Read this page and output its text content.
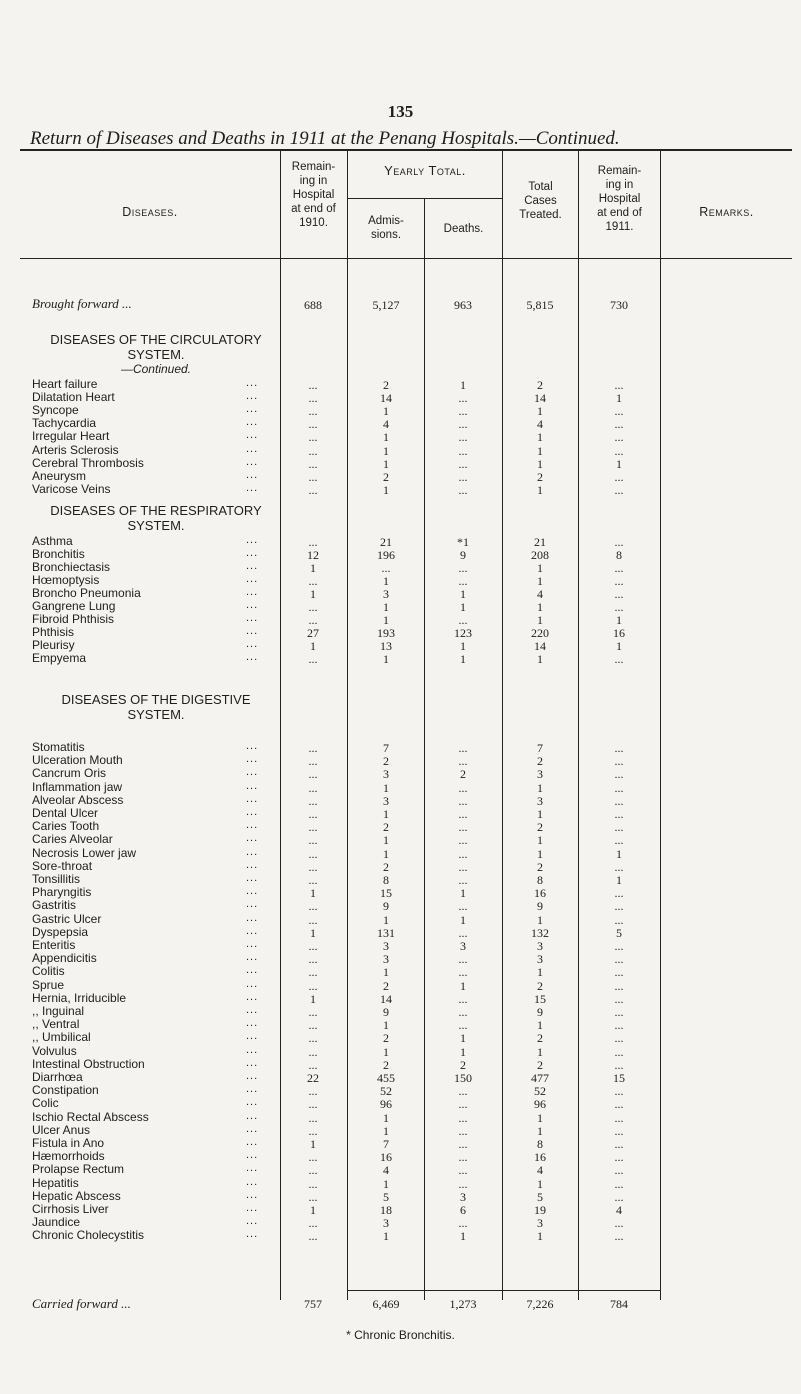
135
Return of Diseases and Deaths in 1911 at the Penang Hospitals.—Continued.
Diseases.
Remain-
ing in
Hospital
at end of
1910.
Yearly Total.
Admis-
sions.	Deaths.
Total
Cases
Treated.
Remain-
ing in
Hospital
at end of
1911.
Remarks.
Brought forward ...	688	5,127	963	5,815	730
DISEASES OF THE CIRCULATORY SYSTEM.
—Continued.
Heart failure	...	...	2	1	2	...
Dilatation Heart	...	...	14	...	14	1
Syncope	...	...	1	...	1	...
Tachycardia	...	...	4	...	4	...
Irregular Heart	...	...	1	...	1	...
Arteris Sclerosis	...	...	1	...	1	...
Cerebral Thrombosis	...	...	1	...	1	1
Aneurysm	...	...	2	...	2	...
Varicose Veins	...	...	1	...	1	...
DISEASES OF THE RESPIRATORY SYSTEM.
Asthma	...	...	21	*1	21	...
Bronchitis	...	12	196	9	208	8
Bronchiectasis	...	1	...	...	1	...
Hœmoptysis	...	...	1	...	1	...
Broncho Pneumonia	...	1	3	1	4	...
Gangrene Lung	...	...	1	1	1	...
Fibroid Phthisis	...	...	1	...	1	1
Phthisis	...	27	193	123	220	16
Pleurisy	...	1	13	1	14	1
Empyema	...	...	1	1	1	...
DISEASES OF THE DIGESTIVE SYSTEM.
Stomatitis	...	...	7	...	7	...
Ulceration Mouth	...	...	2	...	2	...
Cancrum Oris	...	...	3	2	3	...
Inflammation jaw	...	...	1	...	1	...
Alveolar Abscess	...	...	3	...	3	...
Dental Ulcer	...	...	1	...	1	...
Caries Tooth	...	...	2	...	2	...
Caries Alveolar	...	...	1	...	1	...
Necrosis Lower jaw	...	...	1	...	1	1
Sore-throat	...	...	2	...	2	...
Tonsillitis	...	...	8	...	8	1
Pharyngitis	...	1	15	1	16	...
Gastritis	...	...	9	...	9	...
Gastric Ulcer	...	...	1	1	1	...
Dyspepsia	...	1	131	...	132	5
Enteritis	...	...	3	3	3	...
Appendicitis	...	...	3	...	3	...
Colitis	...	...	1	...	1	...
Sprue	...	...	2	1	2	...
Hernia, Irriducible	...	1	14	...	15	...
,, Inguinal	...	...	9	...	9	...
,, Ventral	...	...	1	...	1	...
,, Umbilical	...	...	2	1	2	...
Volvulus	...	...	1	1	1	...
Intestinal Obstruction	...	...	2	2	2	...
Diarrhœa	...	22	455	150	477	15
Constipation	...	...	52	...	52	...
Colic	...	...	96	...	96	...
Ischio Rectal Abscess	...	...	1	...	1	...
Ulcer Anus	...	...	1	...	1	...
Fistula in Ano	...	1	7	...	8	...
Hæmorrhoids	...	...	16	...	16	...
Prolapse Rectum	...	...	4	...	4	...
Hepatitis	...	...	1	...	1	...
Hepatic Abscess	...	...	5	3	5	...
Cirrhosis Liver	...	1	18	6	19	4
Jaundice	...	...	3	...	3	...
Chronic Cholecystitis	...	...	1	1	1	...
Carried forward ...	757	6,469	1,273	7,226	784
* Chronic Bronchitis.
